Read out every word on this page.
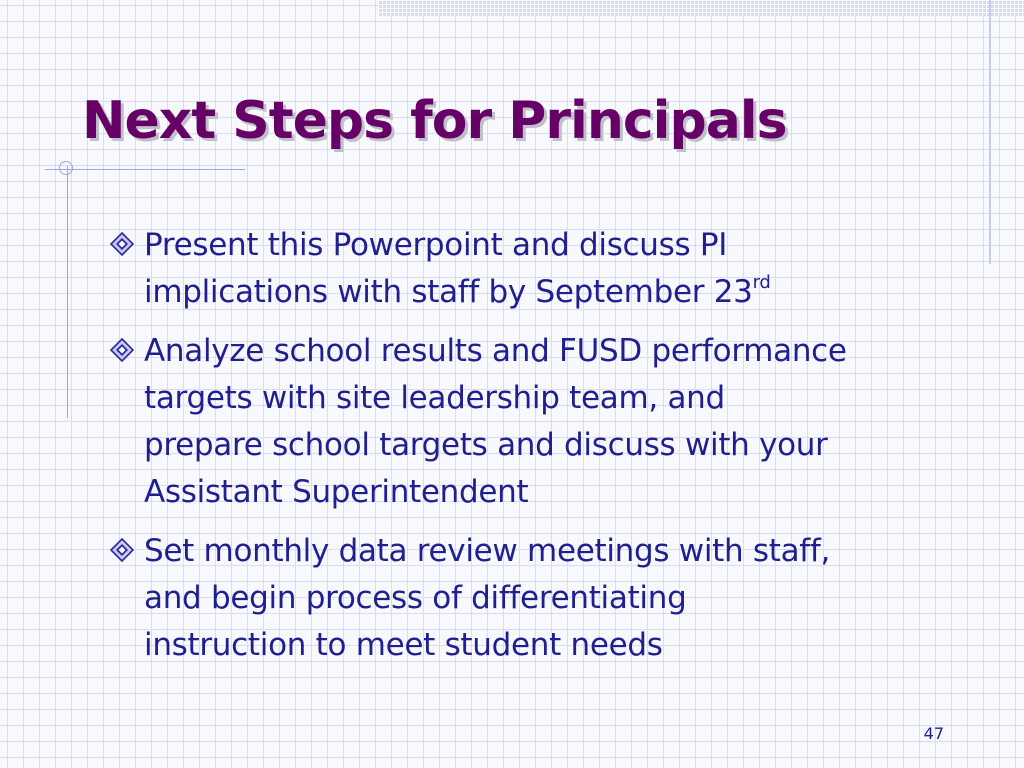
Next Steps for Principals
Present this Powerpoint and discuss PI
implications with staff by September 23rd
Analyze school results and FUSD performance
targets with site leadership team, and
prepare school targets and discuss with your
Assistant Superintendent
Set monthly data review meetings with staff,
and begin process of differentiating
instruction to meet student needs
47
